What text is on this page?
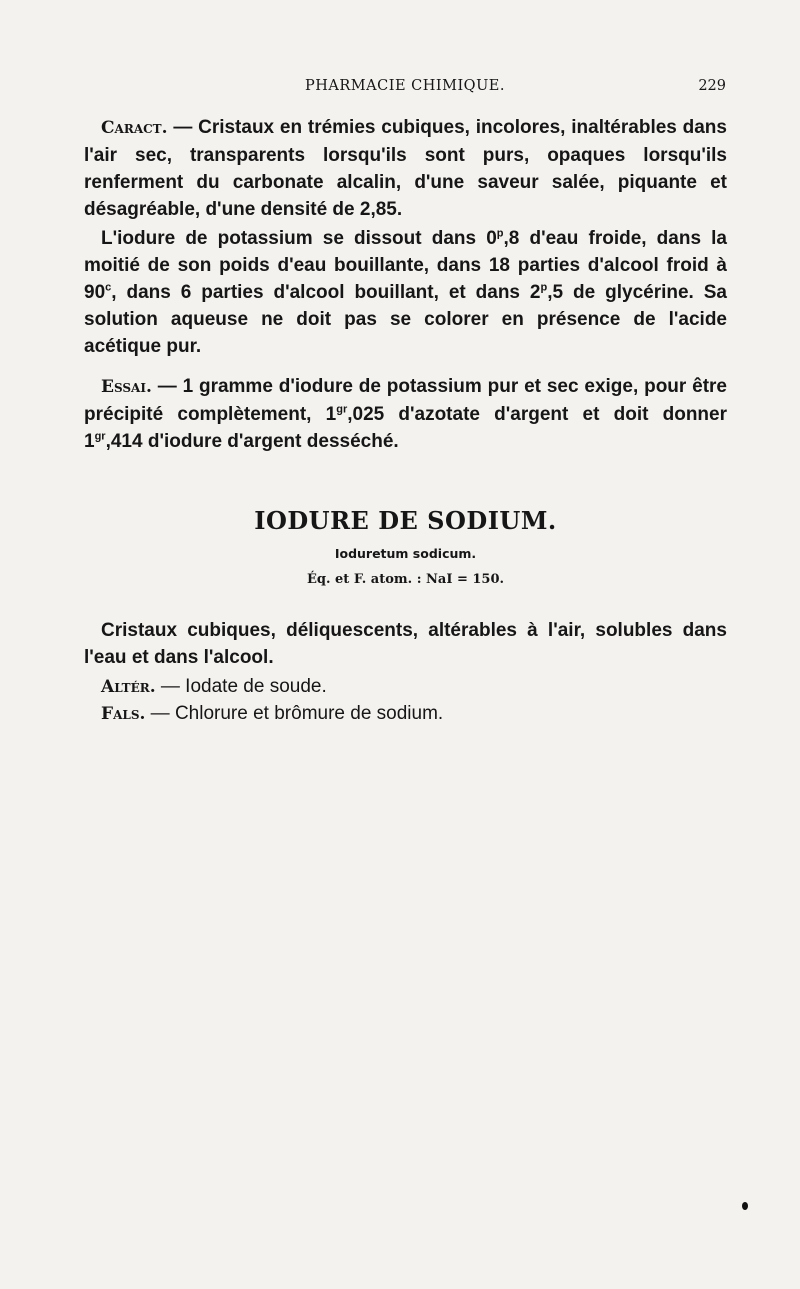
PHARMACIE CHIMIQUE.	229

Caract. — Cristaux en trémies cubiques, incolores, inaltérables dans l'air sec, transparents lorsqu'ils sont purs, opaques lorsqu'ils renferment du carbonate alcalin, d'une saveur salée, piquante et désagréable, d'une densité de 2,85.

L'iodure de potassium se dissout dans 0$^p$,8 d'eau froide, dans la moitié de son poids d'eau bouillante, dans 18 parties d'alcool froid à 90$^c$, dans 6 parties d'alcool bouillant, et dans 2$^p$,5 de glycérine. Sa solution aqueuse ne doit pas se colorer en présence de l'acide acétique pur.

Essai. — 1 gramme d'iodure de potassium pur et sec exige, pour être précipité complètement, $1^{gr},025$ d'azotate d'argent et doit donner $1^{gr},414$ d'iodure d'argent desséché.

IODURE DE SODIUM.
Ioduretum sodicum.
Éq. et F. atom. : NaI = 150.

Cristaux cubiques, déliquescents, altérables à l'air, solubles dans l'eau et dans l'alcool.

Altér. — Iodate de soude.

Fals. — Chlorure et brômure de sodium.
